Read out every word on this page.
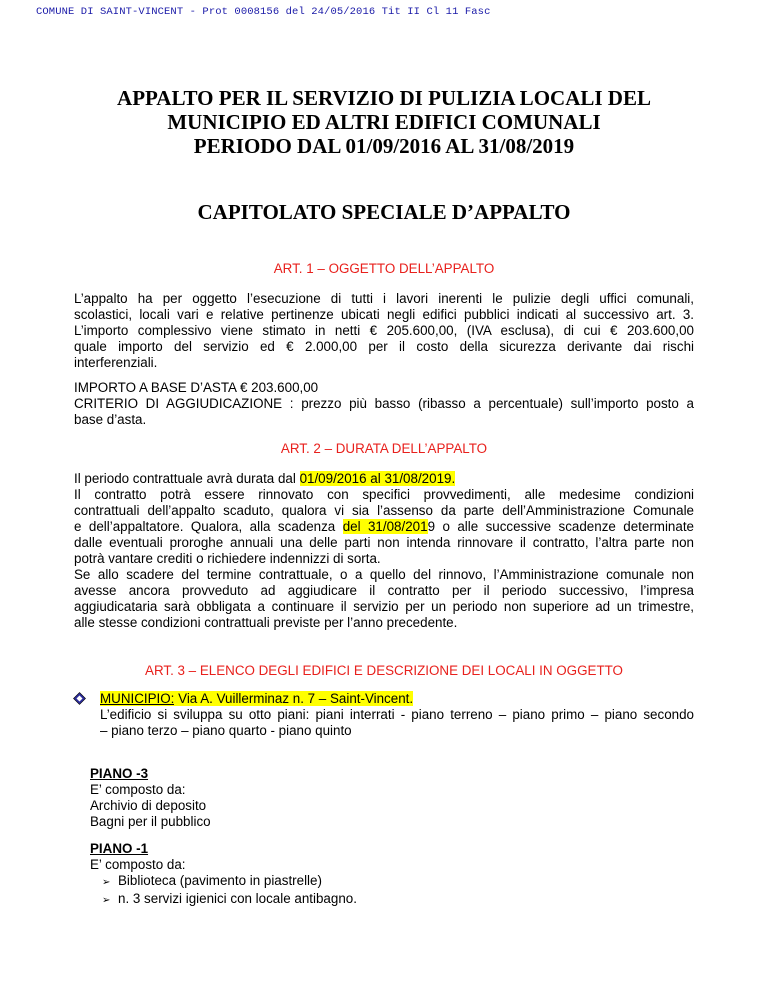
COMUNE DI SAINT-VINCENT - Prot 0008156 del 24/05/2016 Tit II Cl 11 Fasc
APPALTO PER IL SERVIZIO DI PULIZIA LOCALI DEL
MUNICIPIO ED ALTRI EDIFICI COMUNALI
PERIODO DAL 01/09/2016 AL 31/08/2019
CAPITOLATO SPECIALE D’APPALTO
ART. 1 – OGGETTO DELL’APPALTO

L’appalto ha per oggetto l’esecuzione di tutti i lavori inerenti le pulizie degli uffici comunali,

scolastici, locali vari e relative pertinenze ubicati negli edifici pubblici indicati al successivo art. 3.

L’importo complessivo viene stimato in netti € 205.600,00, (IVA esclusa), di cui € 203.600,00

quale importo del servizio ed € 2.000,00 per il costo della sicurezza derivante dai rischi

interferenziali.

IMPORTO A BASE D’ASTA € 203.600,00

CRITERIO DI AGGIUDICAZIONE : prezzo più basso (ribasso a percentuale) sull’importo posto a

base d’asta.

ART. 2 – DURATA DELL’APPALTO

Il periodo contrattuale avrà durata dal 01/09/2016 al 31/08/2019.

Il contratto potrà essere rinnovato con specifici provvedimenti, alle medesime condizioni

contrattuali dell’appalto scaduto, qualora vi sia l’assenso da parte dell’Amministrazione Comunale

e dell’appaltatore. Qualora, alla scadenza del 31/08/2019 o alle successive scadenze determinate

dalle eventuali proroghe annuali una delle parti non intenda rinnovare il contratto, l’altra parte non

potrà vantare crediti o richiedere indennizzi di sorta.

Se allo scadere del termine contrattuale, o a quello del rinnovo, l’Amministrazione comunale non

avesse ancora provveduto ad aggiudicare il contratto per il periodo successivo, l’impresa

aggiudicataria sarà obbligata a continuare il servizio per un periodo non superiore ad un trimestre,

alle stesse condizioni contrattuali previste per l’anno precedente.

ART. 3 – ELENCO DEGLI EDIFICI E DESCRIZIONE DEI LOCALI IN OGGETTO
MUNICIPIO: Via A. Vuillerminaz n. 7 – Saint-Vincent.

L’edificio si sviluppa su otto piani: piani interrati - piano terreno – piano primo – piano secondo

– piano terzo – piano quarto - piano quinto

PIANO -3
E’ composto da:
Archivio di deposito
Bagni per il pubblico
PIANO -1
E’ composto da:
➢ Biblioteca (pavimento in piastrelle)
➢ n. 3 servizi igienici con locale antibagno.
